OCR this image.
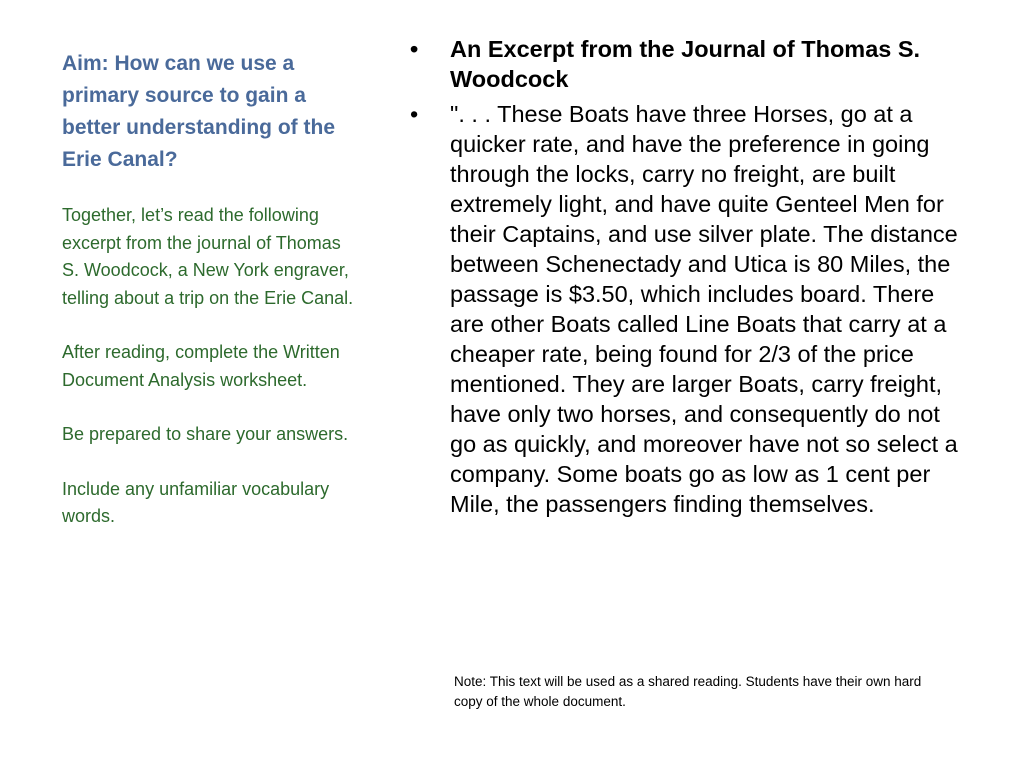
Aim: How can we use a primary source to gain a better understanding of the Erie Canal?

Together, let’s read the following excerpt from the journal of Thomas S. Woodcock, a New York engraver, telling about a trip on the Erie Canal.

After reading, complete the Written Document Analysis worksheet.

Be prepared to share your answers.

Include any unfamiliar vocabulary words.

• An Excerpt from the Journal of Thomas S. Woodcock
• ". . . These Boats have three Horses, go at a quicker rate, and have the preference in going through the locks, carry no freight, are built extremely light, and have quite Genteel Men for their Captains, and use silver plate. The distance between Schenectady and Utica is 80 Miles, the passage is $3.50, which includes board. There are other Boats called Line Boats that carry at a cheaper rate, being found for 2/3 of the price mentioned. They are larger Boats, carry freight, have only two horses, and consequently do not go as quickly, and moreover have not so select a company. Some boats go as low as 1 cent per Mile, the passengers finding themselves.

Note: This text will be used as a shared reading. Students have their own hard copy of the whole document.
